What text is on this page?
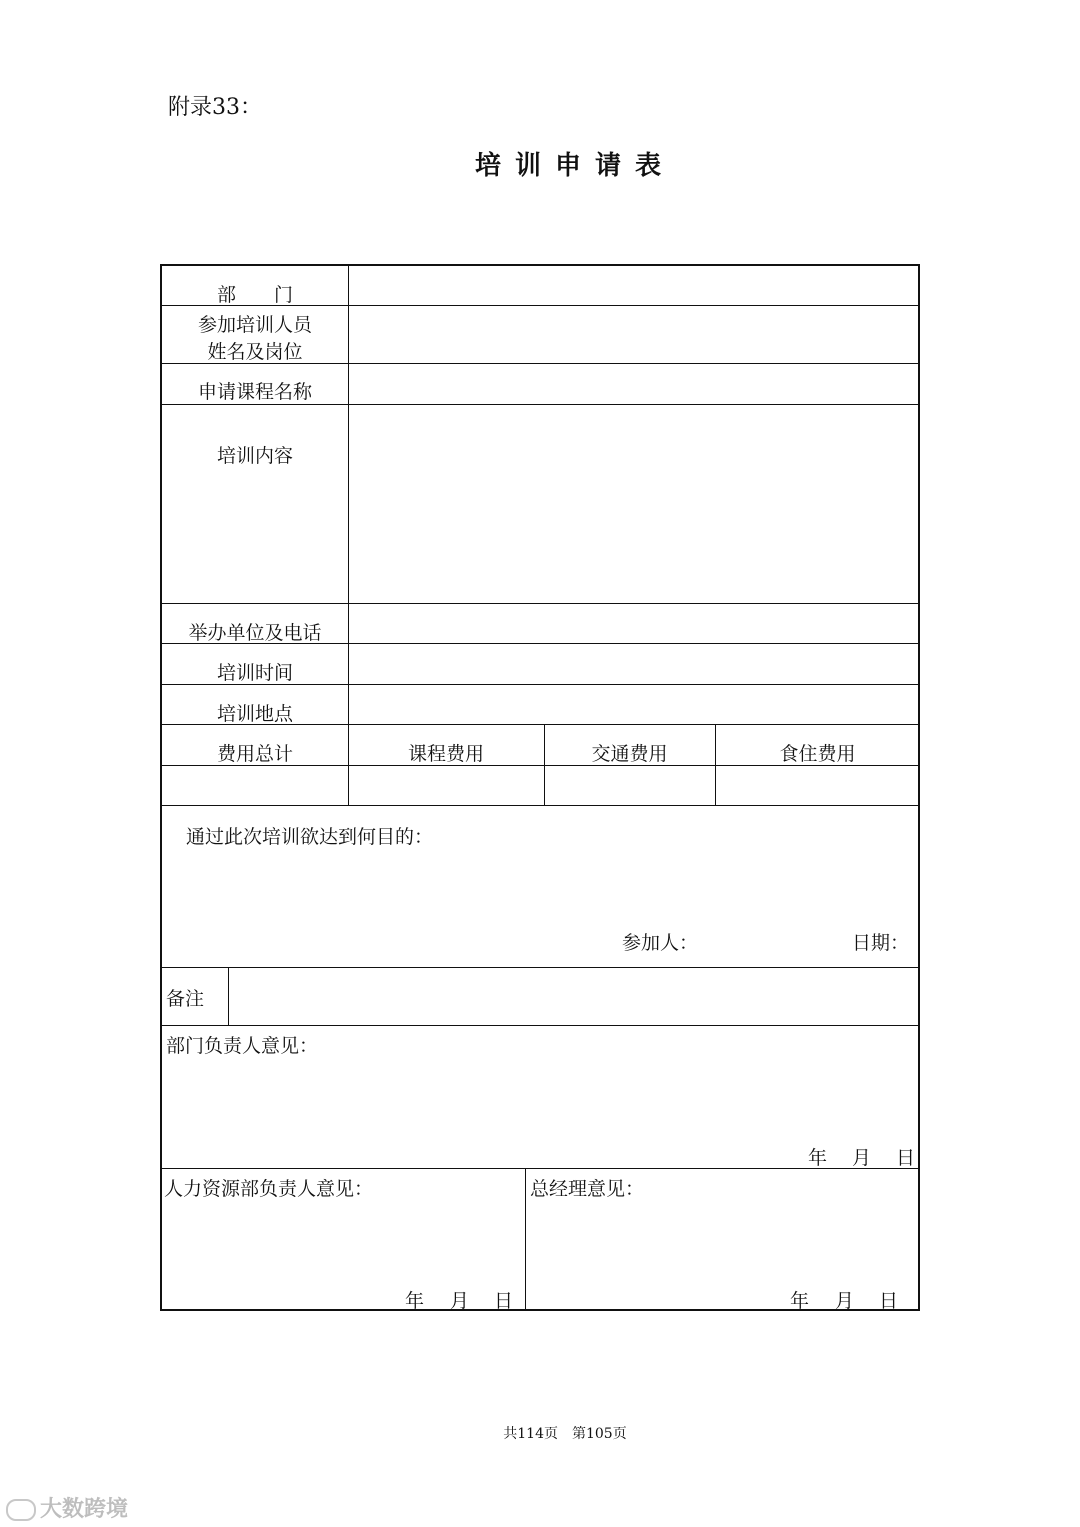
附录33：
培训申请表
部　　门
参加培训人员
姓名及岗位
申请课程名称
培训内容
举办单位及电话
培训时间
培训地点
费用总计	课程费用	交通费用	食住费用
通过此次培训欲达到何目的：
参加人：	日期：
备注
部门负责人意见：
年 月 日
人力资源部负责人意见：
年 月 日
总经理意见：
年 月 日
共114页　第105页
大数跨境
